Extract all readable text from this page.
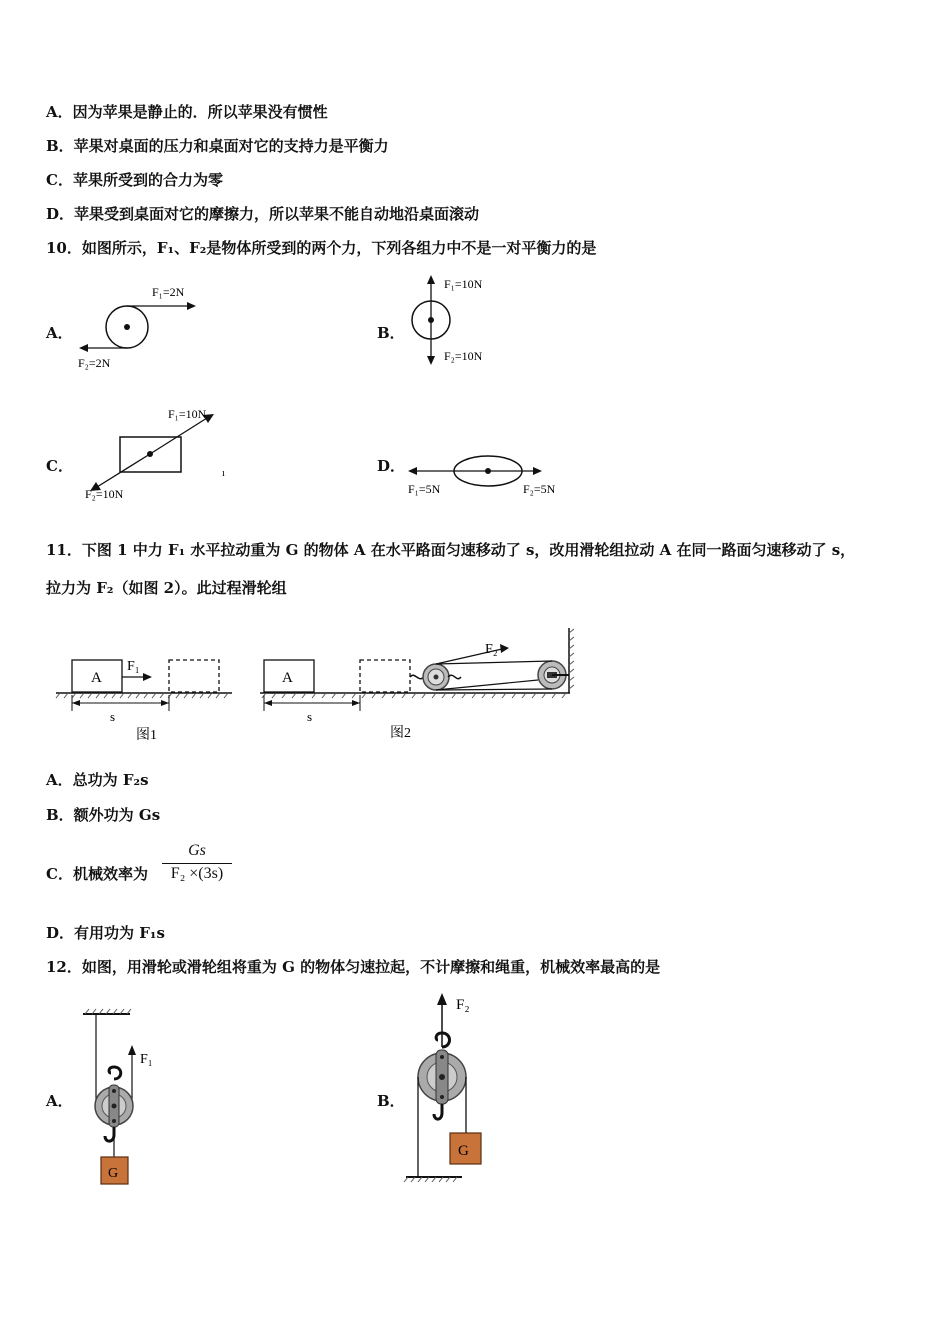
A．因为苹果是静止的．所以苹果没有惯性
B．苹果对桌面的压力和桌面对它的支持力是平衡力
C．苹果所受到的合力为零
D．苹果受到桌面对它的摩擦力，所以苹果不能自动地沿桌面滚动
10．如图所示，F₁、F₂是物体所受到的两个力，下列各组力中不是一对平衡力的是
A．
F₁=2N
F₂=2N
B．
F₁=10N
F₂=10N
C．
F₁=10N
F₂=10N
ı	D．
F₁=5N	F₂=5N
11．下图 1 中力 F₁ 水平拉动重为 G 的物体 A 在水平路面匀速移动了 s，改用滑轮组拉动 A 在同一路面匀速移动了 s，
拉力为 F₂（如图 2）。此过程滑轮组
A
F₁
s
图1
A
F₂
s
图2
A．总功为 F₂s
B．额外功为 Gs
C．机械效率为
Gs
F₂ ×(3s)
D．有用功为 F₁s
12．如图，用滑轮或滑轮组将重为 G 的物体匀速拉起，不计摩擦和绳重，机械效率最高的是
A．
F₁
G
B．
F₂
G
